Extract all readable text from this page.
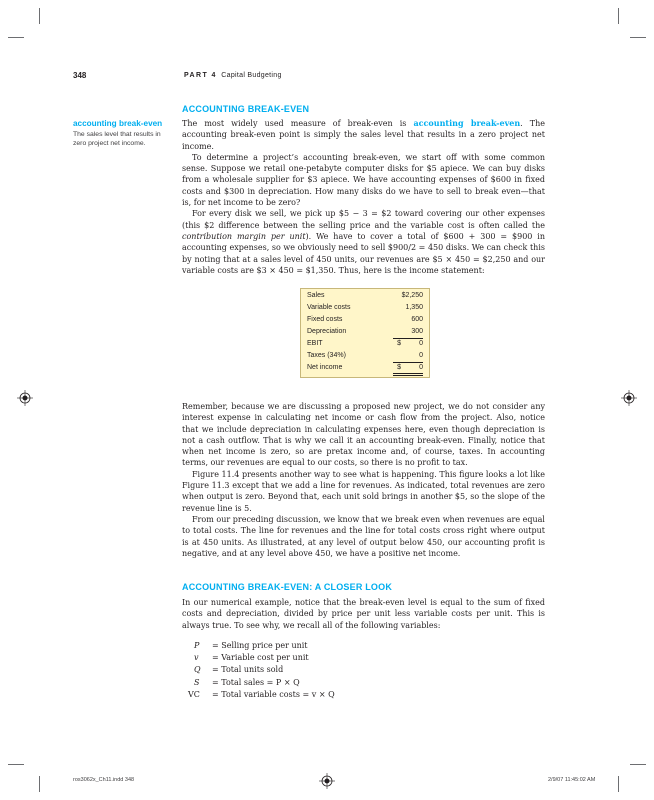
348	PART 4 Capital Budgeting
accounting break-even
The sales level that results in zero project net income.
ACCOUNTING BREAK-EVEN

The most widely used measure of break-even is accounting break-even. The accounting break-even point is simply the sales level that results in a zero project net income.

To determine a project’s accounting break-even, we start off with some common sense. Suppose we retail one-petabyte computer disks for $5 apiece. We can buy disks from a wholesale supplier for $3 apiece. We have accounting expenses of $600 in fixed costs and $300 in depreciation. How many disks do we have to sell to break even—that is, for net income to be zero?

For every disk we sell, we pick up $5 − 3 = $2 toward covering our other expenses (this $2 difference between the selling price and the variable cost is often called the contribution margin per unit). We have to cover a total of $600 + 300 = $900 in accounting expenses, so we obviously need to sell $900/2 = 450 disks. We can check this by noting that at a sales level of 450 units, our revenues are $5 × 450 = $2,250 and our variable costs are $3 × 450 = $1,350. Thus, here is the income statement:

Sales	$2,250
Variable costs	1,350
Fixed costs	600
Depreciation	300
EBIT	$	0
Taxes (34%)	0
Net income	$	0

Remember, because we are discussing a proposed new project, we do not consider any interest expense in calculating net income or cash flow from the project. Also, notice that we include depreciation in calculating expenses here, even though depreciation is not a cash outflow. That is why we call it an accounting break-even. Finally, notice that when net income is zero, so are pretax income and, of course, taxes. In accounting terms, our revenues are equal to our costs, so there is no profit to tax.

Figure 11.4 presents another way to see what is happening. This figure looks a lot like Figure 11.3 except that we add a line for revenues. As indicated, total revenues are zero when output is zero. Beyond that, each unit sold brings in another $5, so the slope of the revenue line is 5.

From our preceding discussion, we know that we break even when revenues are equal to total costs. The line for revenues and the line for total costs cross right where output is at 450 units. As illustrated, at any level of output below 450, our accounting profit is negative, and at any level above 450, we have a positive net income.

ACCOUNTING BREAK-EVEN: A CLOSER LOOK

In our numerical example, notice that the break-even level is equal to the sum of fixed costs and depreciation, divided by price per unit less variable costs per unit. This is always true. To see why, we recall all of the following variables:

P = Selling price per unit
v = Variable cost per unit
Q = Total units sold
S = Total sales = P × Q
VC = Total variable costs = v × Q
ros3062x_Ch11.indd 348	2/9/07 11:45:02 AM
